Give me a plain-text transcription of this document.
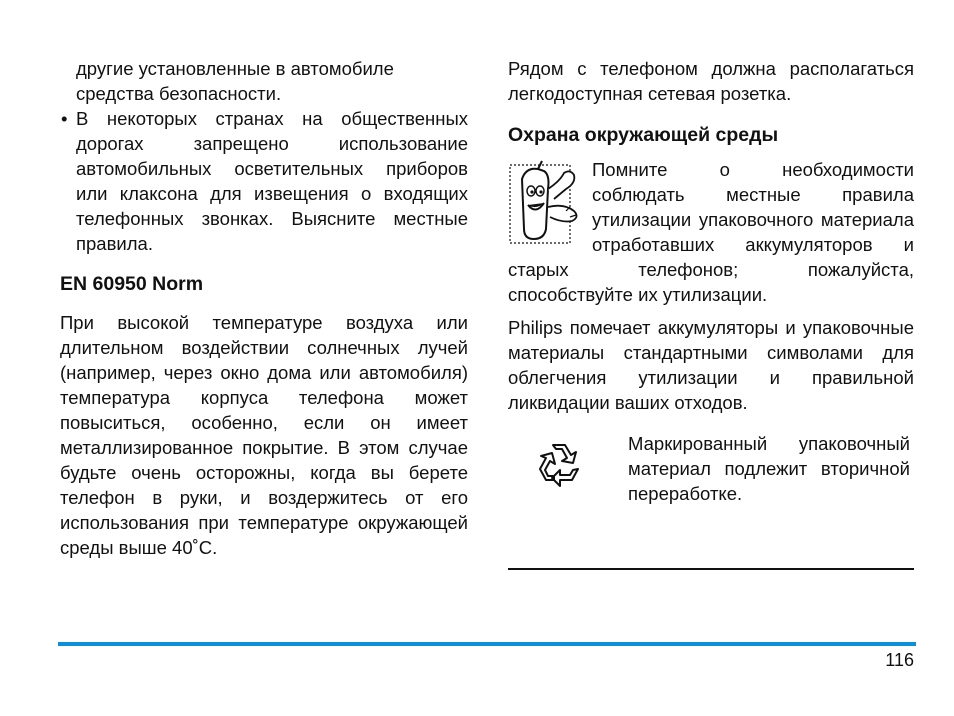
другие установленные в автомобиле

средства безопасности.

• В некоторых странах на общественных дорогах запрещено использование автомобильных осветительных приборов или клаксона для извещения о входящих телефонных звонках. Выясните местные правила.

EN 60950 Norm

При высокой температуре воздуха или длительном воздействии солнечных лучей (например, через окно дома или автомобиля) температура корпуса телефона может повыситься, особенно, если он имеет металлизированное покрытие. В этом случае будьте очень осторожны, когда вы берете телефон в руки, и воздержитесь от его использования при температуре окружающей среды выше 40˚C.

Рядом с телефоном должна располагаться легкодоступная сетевая розетка.

Охрана окружающей среды

Помните о необходимости соблюдать местные правила утилизации упаковочного материала отработавших аккумуляторов и старых телефонов; пожалуйста, способствуйте их утилизации.

Philips помечает аккумуляторы и упаковочные материалы стандартными символами для облегчения утилизации и правильной ликвидации ваших отходов.

Маркированный упаковочный материал подлежит вторичной переработке.

116
